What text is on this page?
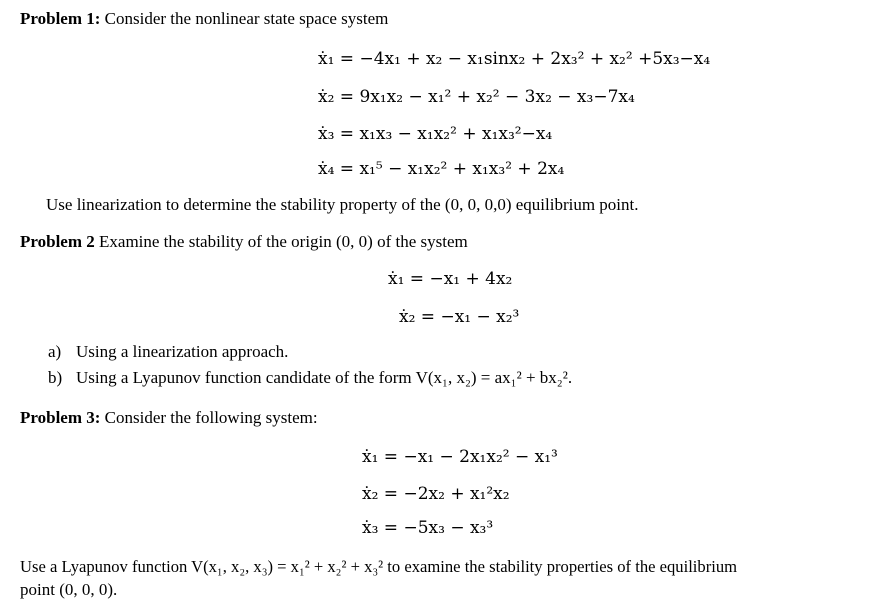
Problem 1: Consider the nonlinear state space system
ẋ₁ = −4x₁ + x₂ − x₁sinx₂ + 2x₃² + x₂² +5x₃−x₄
ẋ₂ = 9x₁x₂ − x₁² + x₂² − 3x₂ − x₃−7x₄
ẋ₃ = x₁x₃ − x₁x₂² + x₁x₃²−x₄
ẋ₄ = x₁⁵ − x₁x₂² + x₁x₃² + 2x₄
Use linearization to determine the stability property of the (0, 0, 0,0) equilibrium point.
Problem 2 Examine the stability of the origin (0, 0) of the system
ẋ₁ = −x₁ + 4x₂
ẋ₂ = −x₁ − x₂³
a) Using a linearization approach.
b) Using a Lyapunov function candidate of the form V(x₁, x₂) = ax₁² + bx₂².
Problem 3: Consider the following system:
ẋ₁ = −x₁ − 2x₁x₂² − x₁³
ẋ₂ = −2x₂ + x₁²x₂
ẋ₃ = −5x₃ − x₃³
Use a Lyapunov function V(x₁, x₂, x₃) = x₁² + x₂² + x₃² to examine the stability properties of the equilibrium
point (0, 0, 0).
